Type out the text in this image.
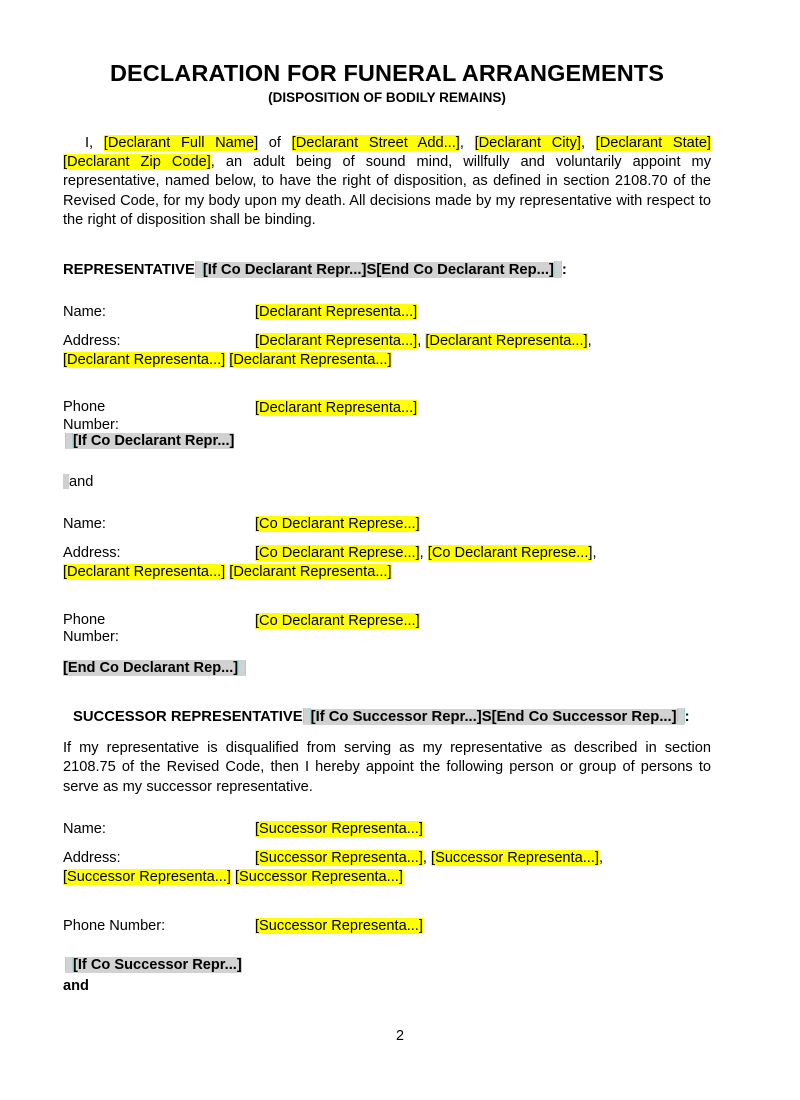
DECLARATION FOR FUNERAL ARRANGEMENTS
(DISPOSITION OF BODILY REMAINS)

I, [Declarant Full Name] of [Declarant Street Add...], [Declarant City], [Declarant State] [Declarant Zip Code], an adult being of sound mind, willfully and voluntarily appoint my representative, named below, to have the right of disposition, as defined in section 2108.70 of the Revised Code, for my body upon my death. All decisions made by my representative with respect to the right of disposition shall be binding.

REPRESENTATIVE [If Co Declarant Repr...]S[End Co Declarant Rep...] :

Name:	[Declarant Representa...]
Address:	[Declarant Representa...], [Declarant Representa...],
[Declarant Representa...] [Declarant Representa...]
Phone
Number:
[Declarant Representa...]

[If Co Declarant Repr...]

and

Name:	[Co Declarant Represe...]
Address:	[Co Declarant Represe...], [Co Declarant Represe...],
[Declarant Representa...] [Declarant Representa...]
Phone
Number:
[Co Declarant Represe...]

[End Co Declarant Rep...]

SUCCESSOR REPRESENTATIVE [If Co Successor Repr...]S[End Co Successor Rep...] :

If my representative is disqualified from serving as my representative as described in section 2108.75 of the Revised Code, then I hereby appoint the following person or group of persons to serve as my successor representative.

Name:	[Successor Representa...]
Address:	[Successor Representa...], [Successor Representa...],
[Successor Representa...] [Successor Representa...]
Phone Number:	[Successor Representa...]

[If Co Successor Repr...]

and

2
